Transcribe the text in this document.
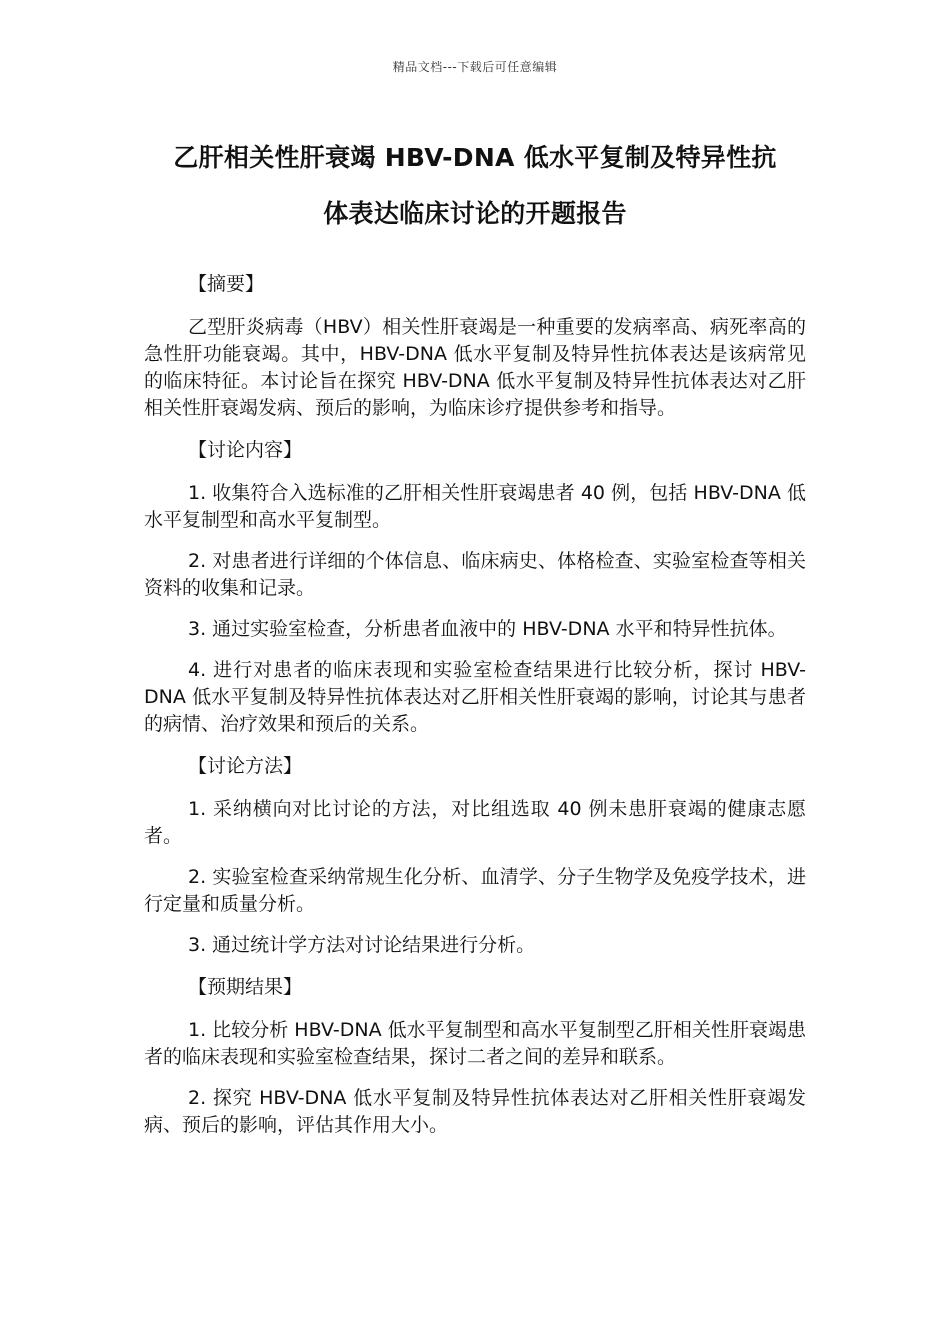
精品文档---下载后可任意编辑
乙肝相关性肝衰竭 HBV-DNA 低水平复制及特异性抗
体表达临床讨论的开题报告

【摘要】

乙型肝炎病毒（HBV）相关性肝衰竭是一种重要的发病率高、病死率高的急性肝功能衰竭。其中，HBV-DNA 低水平复制及特异性抗体表达是该病常见的临床特征。本讨论旨在探究 HBV-DNA 低水平复制及特异性抗体表达对乙肝相关性肝衰竭发病、预后的影响，为临床诊疗提供参考和指导。

【讨论内容】

1. 收集符合入选标准的乙肝相关性肝衰竭患者 40 例，包括 HBV-DNA 低水平复制型和高水平复制型。

2. 对患者进行详细的个体信息、临床病史、体格检查、实验室检查等相关资料的收集和记录。

3. 通过实验室检查，分析患者血液中的 HBV-DNA 水平和特异性抗体。

4. 进行对患者的临床表现和实验室检查结果进行比较分析，探讨 HBV-DNA 低水平复制及特异性抗体表达对乙肝相关性肝衰竭的影响，讨论其与患者的病情、治疗效果和预后的关系。

【讨论方法】

1. 采纳横向对比讨论的方法，对比组选取 40 例未患肝衰竭的健康志愿者。

2. 实验室检查采纳常规生化分析、血清学、分子生物学及免疫学技术，进行定量和质量分析。

3. 通过统计学方法对讨论结果进行分析。

【预期结果】

1. 比较分析 HBV-DNA 低水平复制型和高水平复制型乙肝相关性肝衰竭患者的临床表现和实验室检查结果，探讨二者之间的差异和联系。

2. 探究 HBV-DNA 低水平复制及特异性抗体表达对乙肝相关性肝衰竭发病、预后的影响，评估其作用大小。
